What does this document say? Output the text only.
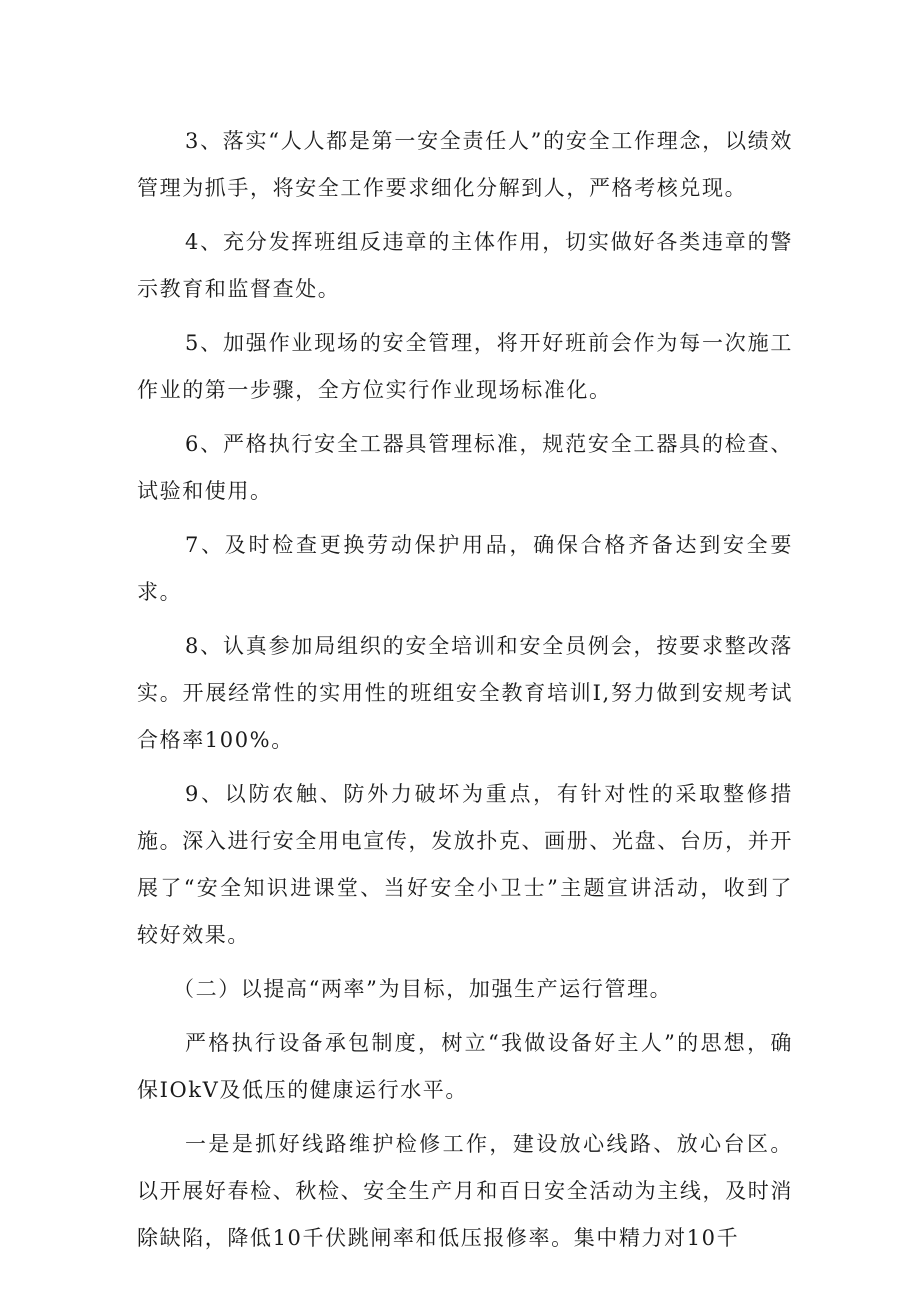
3、落实“人人都是第一安全责任人”的安全工作理念，以绩效管理为抓手，将安全工作要求细化分解到人，严格考核兑现。

4、充分发挥班组反违章的主体作用，切实做好各类违章的警示教育和监督查处。

5、加强作业现场的安全管理，将开好班前会作为每一次施工作业的第一步骤，全方位实行作业现场标准化。

6、严格执行安全工器具管理标准，规范安全工器具的检查、试验和使用。

7、及时检查更换劳动保护用品，确保合格齐备达到安全要求。

8、认真参加局组织的安全培训和安全员例会，按要求整改落实。开展经常性的实用性的班组安全教育培训I,努力做到安规考试合格率100%。

9、以防农触、防外力破坏为重点，有针对性的采取整修措施。深入进行安全用电宣传，发放扑克、画册、光盘、台历，并开展了“安全知识进课堂、当好安全小卫士”主题宣讲活动，收到了较好效果。

（二）以提高“两率”为目标，加强生产运行管理。

严格执行设备承包制度，树立“我做设备好主人”的思想，确保IOkV及低压的健康运行水平。

一是是抓好线路维护检修工作，建设放心线路、放心台区。以开展好春检、秋检、安全生产月和百日安全活动为主线，及时消除缺陷，降低10千伏跳闸率和低压报修率。集中精力对10千
